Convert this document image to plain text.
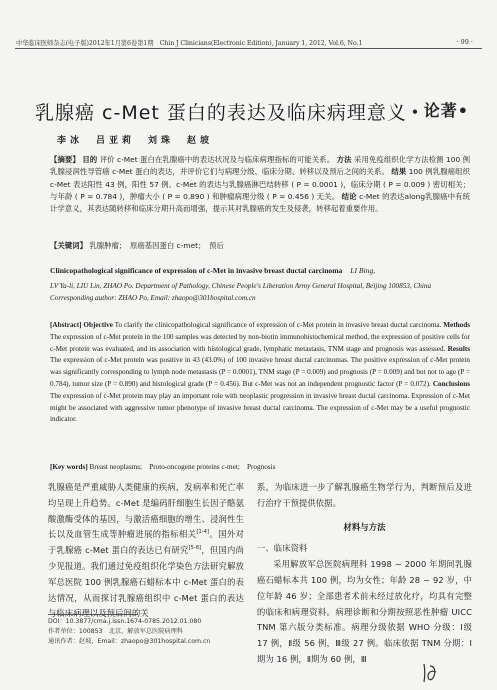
中华临床医师杂志(电子版)2012年1月第6卷第1期　Chin J Clinicians(Electronic Edition), January 1, 2012, Vol.6, No.1	· 99 ·
• 论著•
乳腺癌 c-Met 蛋白的表达及临床病理意义
李冰　吕亚莉　刘珠　赵坡
【摘要】 目的 评价 c-Met 蛋白在乳腺癌中的表达状况及与临床病理指标的可能关系。 方法 采用免疫组织化学方法检测 100 例乳腺浸润性导管癌 c-Met 蛋白的表达，并评价它们与病理分级、临床分期、转移以及预后之间的关系。 结果 100 例乳腺癌组织 c-Met 表达阳性 43 例，阳性 57 例。c-Met 的表达与乳腺癌淋巴结转移 ( P = 0.0001 )，临床分期 ( P = 0.009 ) 密切相关；与年龄 ( P = 0.784 )，肿瘤大小 ( P = 0.890 ) 和肿瘤病理分级 ( P = 0.456 ) 无关。 结论 c-Met 的表达along乳腺癌中有统计学意义，其表达随转移和临床分期升高而增强，提示其对乳腺癌的发生及侵袭，转移起着重要作用。
【关键词】 乳腺肿瘤；　原癌基因蛋白 c-met；　预后
Clinicopathological significance of expression of c-Met in invasive breast ductal carcinoma LI Bing,
LV Ya-li, LIU Lin, ZHAO Po. Department of Pathology, Chinese People's Liberation Army General Hospital, Beijing 100853, China
Corresponding author: ZHAO Po, Email: zhaopo@301hospital.com.cn
[Abstract] Objective To clarify the clinicopathological significance of expression of c-Met protein in invasive breast ductal carcinoma. Methods The expression of c-Met protein in the 100 samples was detected by non-biotin immunohistochemical method, the expression of positive cells for c-Met protein was evaluated, and its association with histological grade, lymphatic metastasis, TNM stage and prognosis was assessed. Results The expression of c-Met protein was positive in 43 (43.0%) of 100 invasive breast ductal carcinomas. The positive expression of c-Met protein was significantly corresponding to lymph node metastasis (P = 0.0001), TNM stage (P = 0.009) and prognosis (P = 0.009) and but not to age (P = 0.784), tumor size (P = 0.890) and histological grade (P = 0.456). But c-Met was not an independent prognostic factor (P = 0.072). Conclusions The expression of c-Met protein may play an important role with neoplastic progression in invasive breast ductal carcinoma. Expression of c-Met might be associated with aggressive tumor phenotype of invasive breast ductal carcinoma. The expression of c-Met may be a useful prognostic indicator.
[Key words] Breast neoplasms;　Proto-oncogene proteins c-met;　Prognosis
乳腺癌是严重威胁人类健康的疾病，发病率和死亡率均呈现上升趋势。c-Met 是编码肝细胞生长因子酪氨酸激酶受体的基因，与激活癌细胞的增生、浸润性生长以及血管生成等肿瘤进展的指标相关[1-4]。国外对于乳腺癌 c-Met 蛋白的表达已有研究[5-6]，但国内尚少见报道。我们通过免疫组织化学染色方法研究解放军总医院 100 例乳腺癌石蜡标本中 c-Met 蛋白的表达情况，从而探讨乳腺癌组织中 c-Met 蛋白的表达与临床病理以及预后间的关

系，为临床进一步了解乳腺癌生物学行为，判断预后及进行治疗干预提供依据。

材料与方法

一、临床资料

采用解放军总医院病理科 1998 ~ 2000 年期间乳腺癌石蜡标本共 100 例，均为女性；年龄 28 ~ 92 岁，中位年龄 46 岁；全部患者术前未经过放化疗，均具有完整的临床和病理资料。病理诊断和分期按照恶性肿瘤 UICC TNM 第六版分类标准。病理分级依据 WHO 分级：Ⅰ级 17 例，Ⅱ级 56 例，Ⅲ级 27 例。临床依据 TNM 分期：Ⅰ期为 16 例，Ⅱ期为 60 例，Ⅲ

DOI：10.3877/cma.j.issn.1674-0785.2012.01.080
作者单位：100853　北京，解放军总医院病理科
通讯作者：赵坡，Email：zhaopo@301hospital.com.cn
